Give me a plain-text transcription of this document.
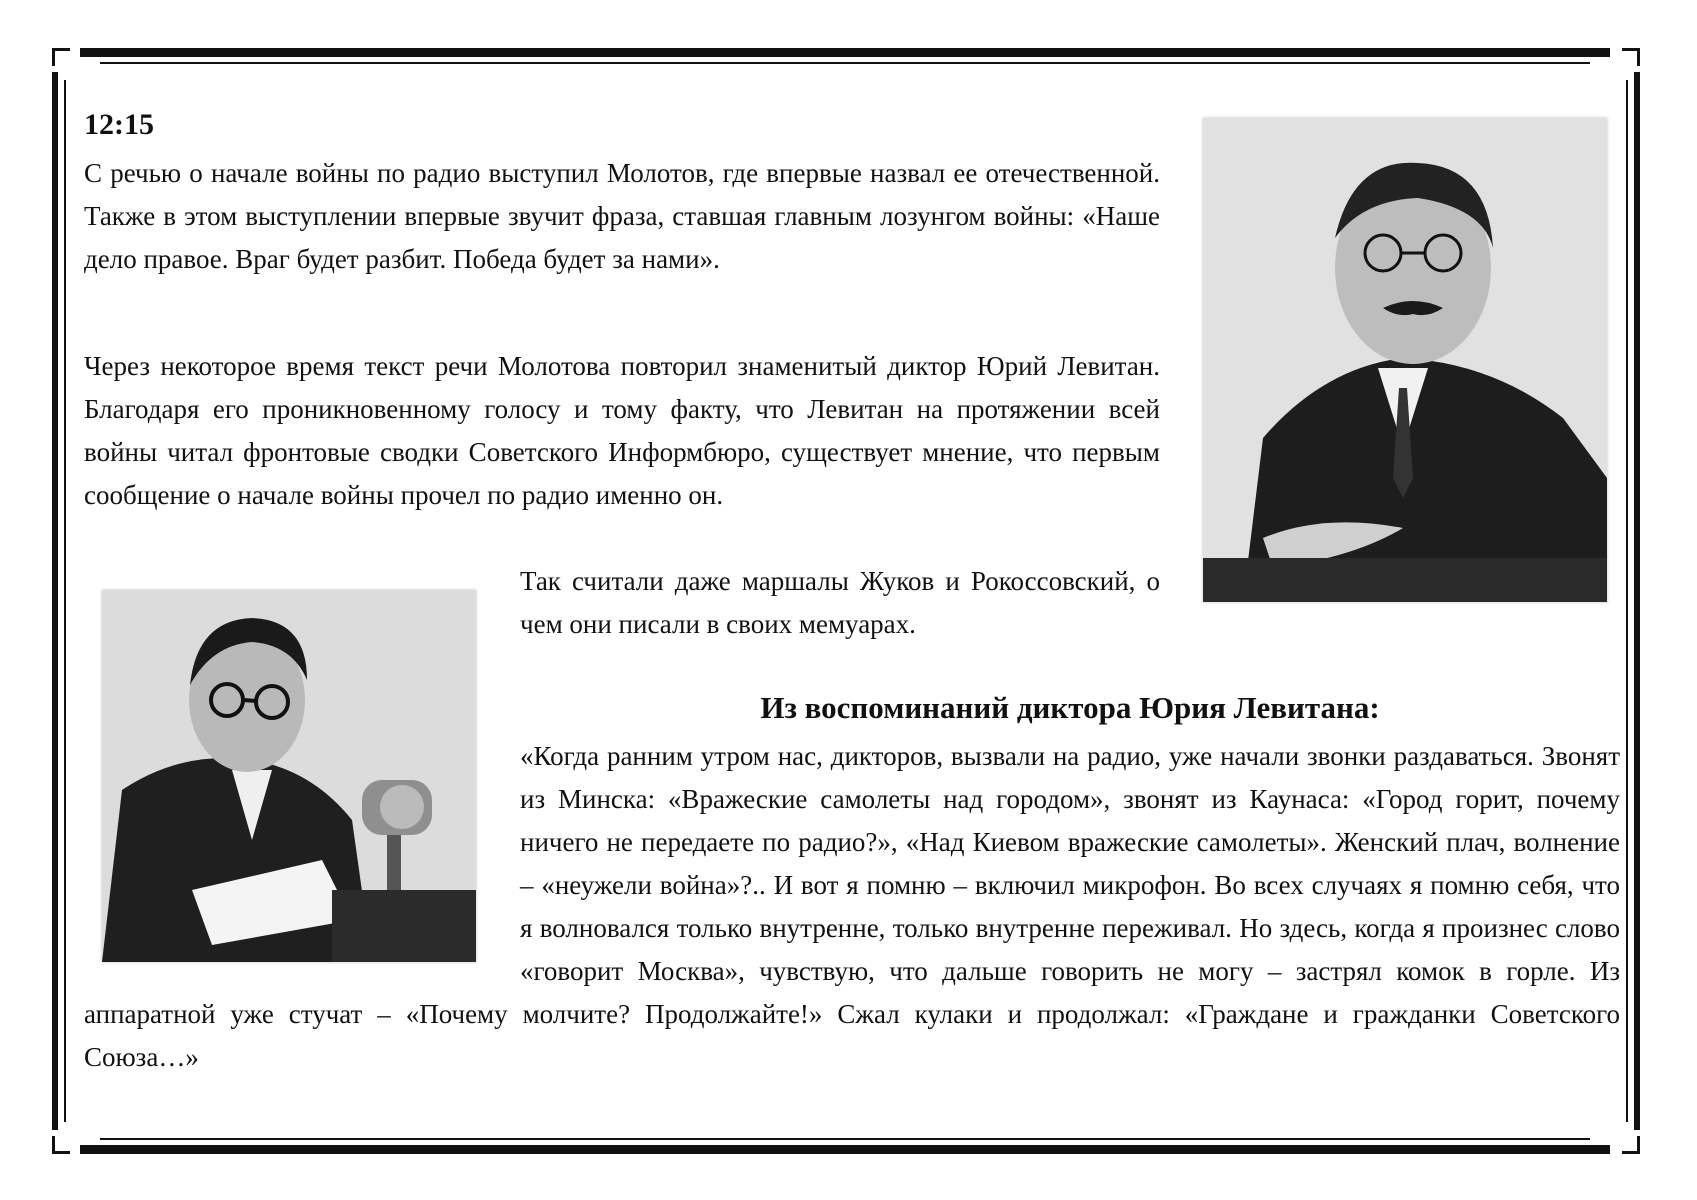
12:15

С речью о начале войны по радио выступил Молотов, где впервые назвал ее отечественной. Также в этом выступлении впервые звучит фраза, ставшая главным лозунгом войны: «Наше дело правое. Враг будет разбит. Победа будет за нами».

Через некоторое время текст речи Молотова повторил знаменитый диктор Юрий Левитан. Благодаря его проникновенному голосу и тому факту, что Левитан на протяжении всей войны читал фронтовые сводки Советского Информбюро, существует мнение, что первым сообщение о начале войны прочел по радио именно он.

Так считали даже маршалы Жуков и Рокоссовский, о чем они писали в своих мемуарах.

Из воспоминаний диктора Юрия Левитана:

«Когда ранним утром нас, дикторов, вызвали на радио, уже начали звонки раздаваться. Звонят из Минска: «Вражеские самолеты над городом», звонят из Каунаса: «Город горит, почему ничего не передаете по радио?», «Над Киевом вражеские самолеты». Женский плач, волнение – «неужели война»?.. И вот я помню – включил микрофон. Во всех случаях я помню себя, что я волновался только внутренне, только внутренне переживал. Но здесь, когда я произнес слово «говорит Москва», чувствую, что дальше говорить не могу – застрял комок в горле. Из аппаратной уже стучат – «Почему молчите? Продолжайте!» Сжал кулаки и продолжал: «Граждане и гражданки Советского Союза…»
